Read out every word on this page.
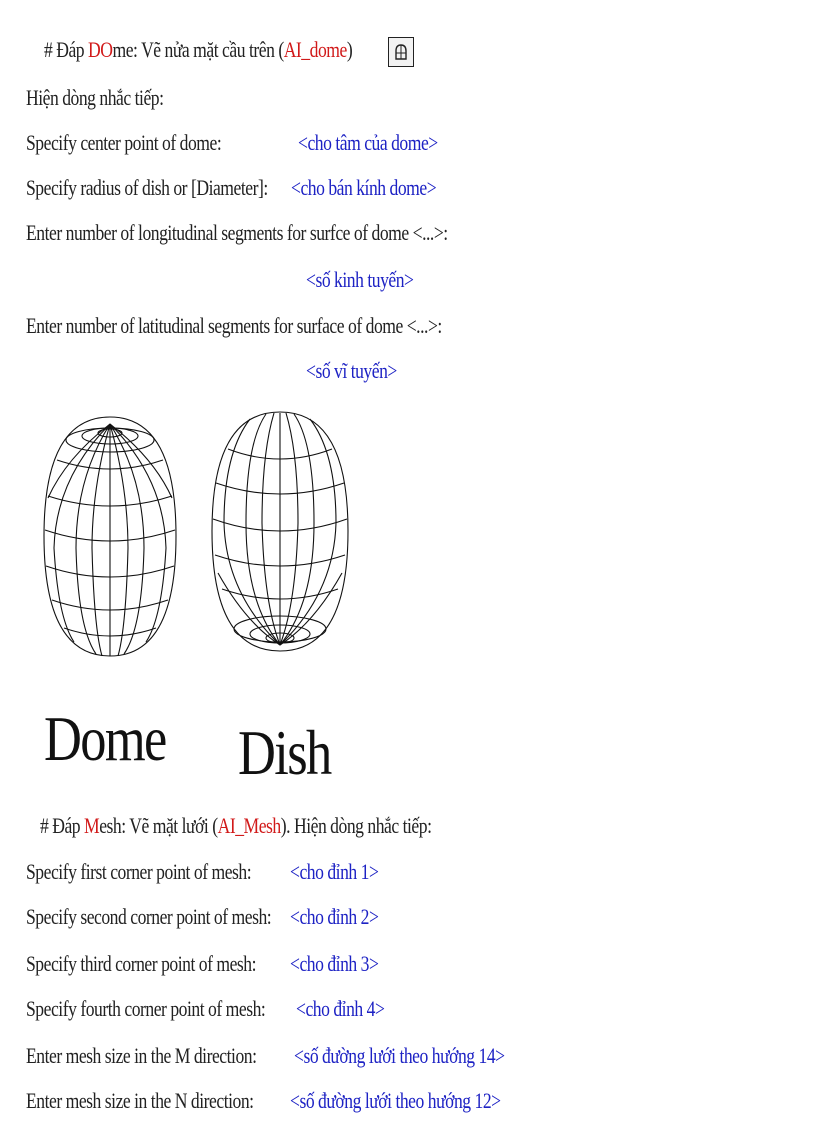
# Đáp DOme: Vẽ nửa mặt cầu trên (AI_dome)
Hiện dòng nhắc tiếp:
Specify center point of dome:	<cho tâm của dome>
Specify radius of dish or [Diameter]: <cho bán kính dome>
Enter number of longitudinal segments for surfce of dome <...>:
<số kinh tuyến>
Enter number of latitudinal segments for surface of dome <...>:
<số vĩ tuyến>
Dome Dish
# Đáp Mesh: Vẽ mặt lưới (AI_Mesh). Hiện dòng nhắc tiếp:
Specify first corner point of mesh: <cho đỉnh 1>
Specify second corner point of mesh: <cho đỉnh 2>
Specify third corner point of mesh: <cho đỉnh 3>
Specify fourth corner point of mesh: <cho đỉnh 4>
Enter mesh size in the M direction: <số đường lưới theo hướng 14>
Enter mesh size in the N direction: <số đường lưới theo hướng 12>
